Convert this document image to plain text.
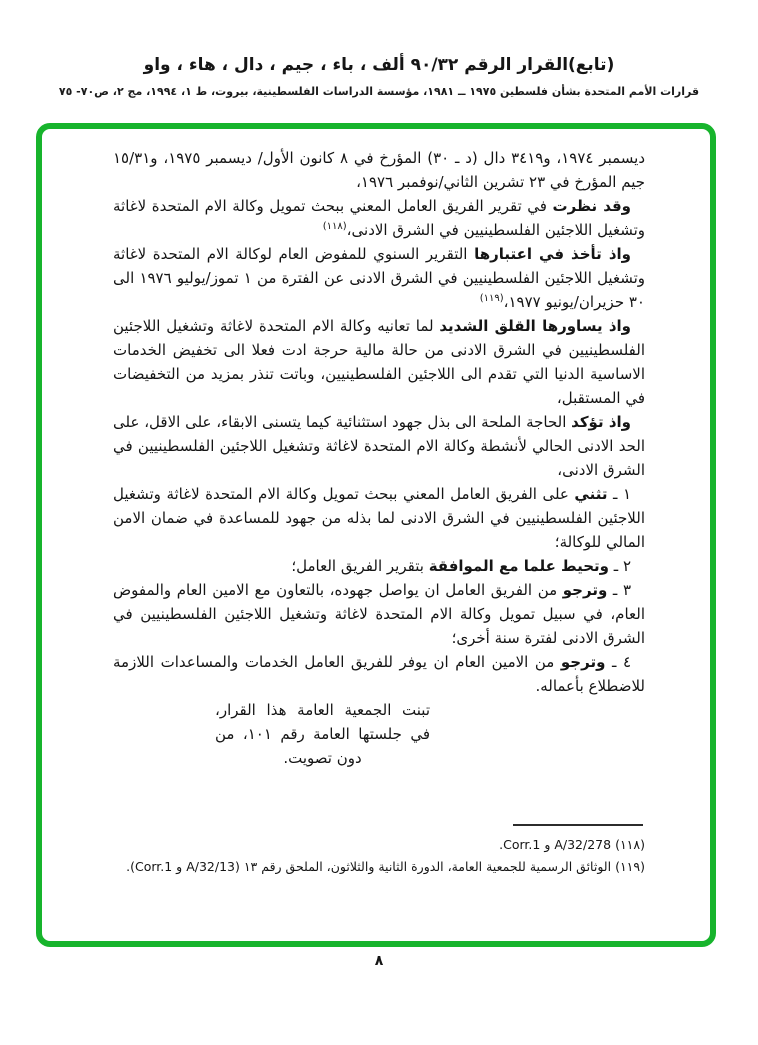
(تابع)القرار الرقم ٩٠/٣٢ ألف ، باء ، جيم ، دال ، هاء ، واو

قرارات الأمم المتحدة بشأن فلسطين ١٩٧٥ ــ ١٩٨١، مؤسسة الدراسات الفلسطينية، بيروت، ط ١، ١٩٩٤، مج ٢، ص٧٠- ٧٥

ديسمبر ١٩٧٤، و٣٤١٩ دال (د ـ ٣٠) المؤرخ في ٨ كانون الأول/ ديسمبر ١٩٧٥، و١٥/٣١ جيم المؤرخ في ٢٣ تشرين الثاني/نوفمبر ١٩٧٦،

وقد نظرت في تقرير الفريق العامل المعني ببحث تمويل وكالة الام المتحدة لاغاثة وتشغيل اللاجئين الفلسطينيين في الشرق الادنى،$^{(١١٨)}$

واذ تأخذ في اعتبارها التقرير السنوي للمفوض العام لوكالة الام المتحدة لاغاثة وتشغيل اللاجئين الفلسطينيين في الشرق الادنى عن الفترة من ١ تموز/يوليو ١٩٧٦ الى ٣٠ حزيران/يونيو ١٩٧٧،$^{(١١٩)}$

واذ يساورها القلق الشديد لما تعانيه وكالة الام المتحدة لاغاثة وتشغيل اللاجئين الفلسطينيين في الشرق الادنى من حالة مالية حرجة ادت فعلا الى تخفيض الخدمات الاساسية الدنيا التي تقدم الى اللاجئين الفلسطينيين، وباتت تنذر بمزيد من التخفيضات في المستقبل،

واذ تؤكد الحاجة الملحة الى بذل جهود استثنائية كيما يتسنى الابقاء، على الاقل، على الحد الادنى الحالي لأنشطة وكالة الام المتحدة لاغاثة وتشغيل اللاجئين الفلسطينيين في الشرق الادنى،

١ ـ تثني على الفريق العامل المعني ببحث تمويل وكالة الام المتحدة لاغاثة وتشغيل اللاجئين الفلسطينيين في الشرق الادنى لما بذله من جهود للمساعدة في ضمان الامن المالي للوكالة؛

٢ ـ وتحيط علما مع الموافقة بتقرير الفريق العامل؛

٣ ـ وترجو من الفريق العامل ان يواصل جهوده، بالتعاون مع الامين العام والمفوض العام، في سبيل تمويل وكالة الام المتحدة لاغاثة وتشغيل اللاجئين الفلسطينيين في الشرق الادنى لفترة سنة أخرى؛

٤ ـ وترجو من الامين العام ان يوفر للفريق العامل الخدمات والمساعدات اللازمة للاضطلاع بأعماله.

تبنت الجمعية العامة هذا القرار، في جلستها العامة رقم ١٠١، من دون تصويت.

(١١٨) A/32/278 و Corr.1.

(١١٩) الوثائق الرسمية للجمعية العامة، الدورة الثانية والثلاثون، الملحق رقم ١٣ (A/32/13 و Corr.1).

٨
